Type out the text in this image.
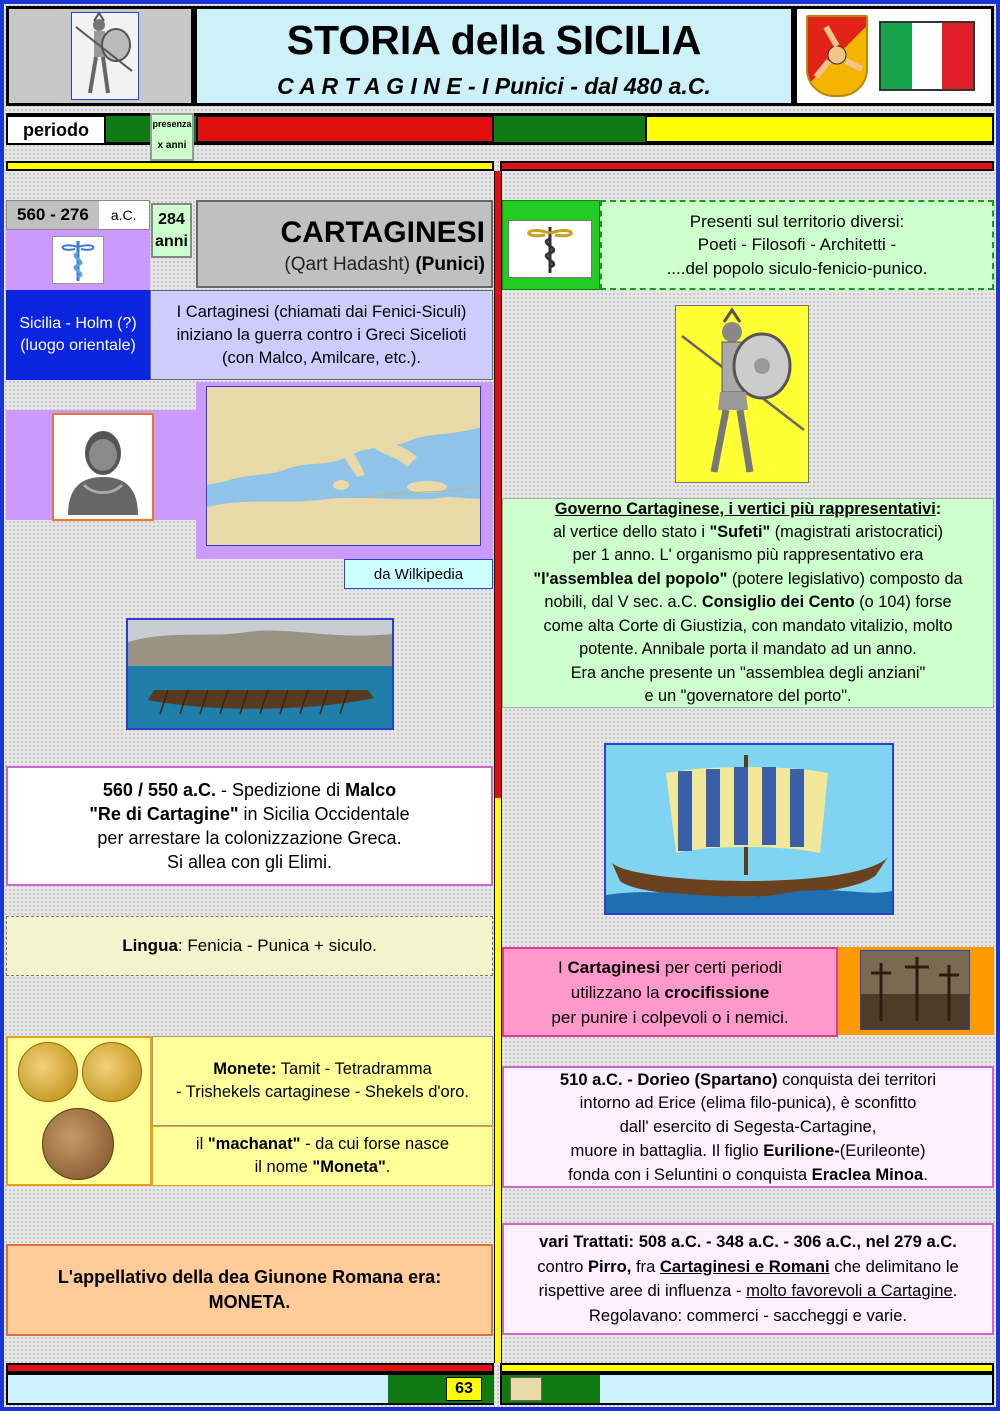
STORIA della SICILIA
C A R T A G I N E - I Punici - dal 480 a.C.
periodo	presenza
x anni
560 - 276	a.C.	284
anni	CARTAGINESI
(Qart Hadasht) (Punici)
Sicilia - Holm (?)
(luogo orientale)
I Cartaginesi (chiamati dai Fenici-Siculi)
iniziano la guerra contro i Greci Sicelioti
(con Malco, Amilcare, etc.).
da Wilkipedia
560 / 550 a.C. - Spedizione di Malco
"Re di Cartagine" in Sicilia Occidentale
per arrestare la colonizzazione Greca.
Si allea con gli Elimi.
Lingua: Fenicia - Punica + siculo.
Monete: Tamit - Tetradramma
- Trishekels cartaginese - Shekels d'oro.
il "machanat" - da cui forse nasce
il nome "Moneta".
L'appellativo della dea Giunone Romana era:
MONETA.
Presenti sul territorio diversi:
Poeti - Filosofi - Architetti -
....del popolo siculo-fenicio-punico.
Governo Cartaginese, i vertici più rappresentativi:
al vertice dello stato i "Sufeti" (magistrati aristocratici)
per 1 anno. L' organismo più rappresentativo era
"l'assemblea del popolo" (potere legislativo) composto da
nobili, dal V sec. a.C. Consiglio dei Cento (o 104) forse
come alta Corte di Giustizia, con mandato vitalizio, molto
potente. Annibale porta il mandato ad un anno.
Era anche presente un "assemblea degli anziani"
e un "governatore del porto".
I Cartaginesi per certi periodi
utilizzano la crocifissione
per punire i colpevoli o i nemici.
510 a.C. - Dorieo (Spartano) conquista dei territori
intorno ad Erice (elima filo-punica), è sconfitto
dall' esercito di Segesta-Cartagine,
muore in battaglia. Il figlio Eurilione-(Eurileonte)
fonda con i Seluntini o conquista Eraclea Minoa.
vari Trattati: 508 a.C. - 348 a.C. - 306 a.C., nel 279 a.C.
contro Pirro, fra Cartaginesi e Romani che delimitano le
rispettive aree di influenza - molto favorevoli a Cartagine.
Regolavano: commerci - saccheggi e varie.
63
